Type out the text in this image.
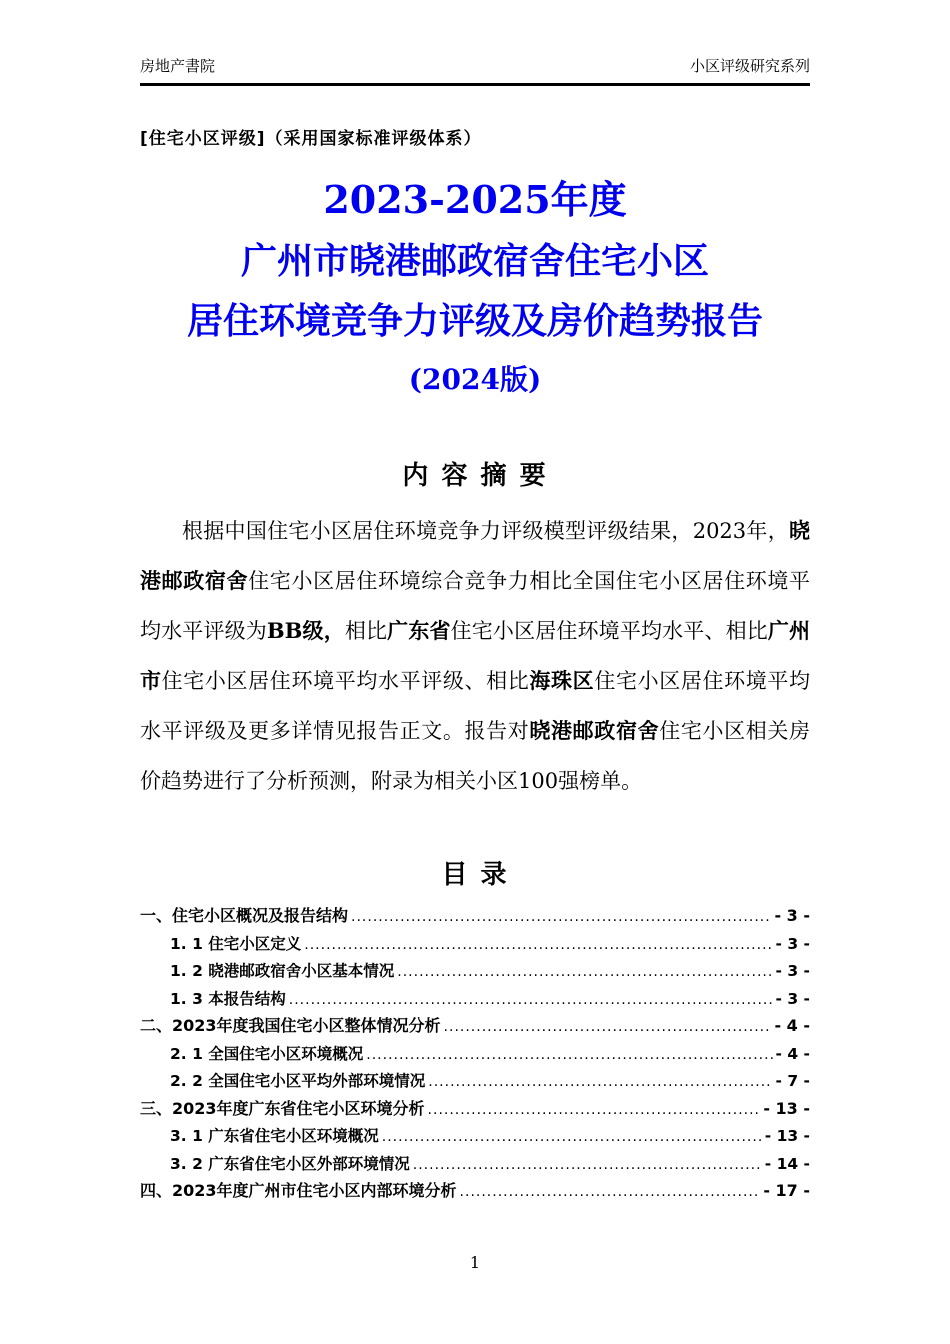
房地产書院	小区评级研究系列
[住宅小区评级]（采用国家标准评级体系）
2023-2025年度
广州市晓港邮政宿舍住宅小区
居住环境竞争力评级及房价趋势报告
(2024版)
内 容 摘 要
根据中国住宅小区居住环境竞争力评级模型评级结果，2023年，晓港邮政宿舍住宅小区居住环境综合竞争力相比全国住宅小区居住环境平均水平评级为BB级，相比广东省住宅小区居住环境平均水平、相比广州市住宅小区居住环境平均水平评级、相比海珠区住宅小区居住环境平均水平评级及更多详情见报告正文。报告对晓港邮政宿舍住宅小区相关房价趋势进行了分析预测，附录为相关小区100强榜单。
目 录
一、住宅小区概况及报告结构 .....	- 3 -
1. 1 住宅小区定义 .....	- 3 -
1. 2 晓港邮政宿舍小区基本情况 .....	- 3 -
1. 3 本报告结构 .....	- 3 -
二、2023年度我国住宅小区整体情况分析 .....	- 4 -
2. 1 全国住宅小区环境概况 .....	- 4 -
2. 2 全国住宅小区平均外部环境情况 .....	- 7 -
三、2023年度广东省住宅小区环境分析 .....	- 13 -
3. 1 广东省住宅小区环境概况 .....	- 13 -
3. 2 广东省住宅小区外部环境情况 .....	- 14 -
四、2023年度广州市住宅小区内部环境分析 .....	- 17 -
1
